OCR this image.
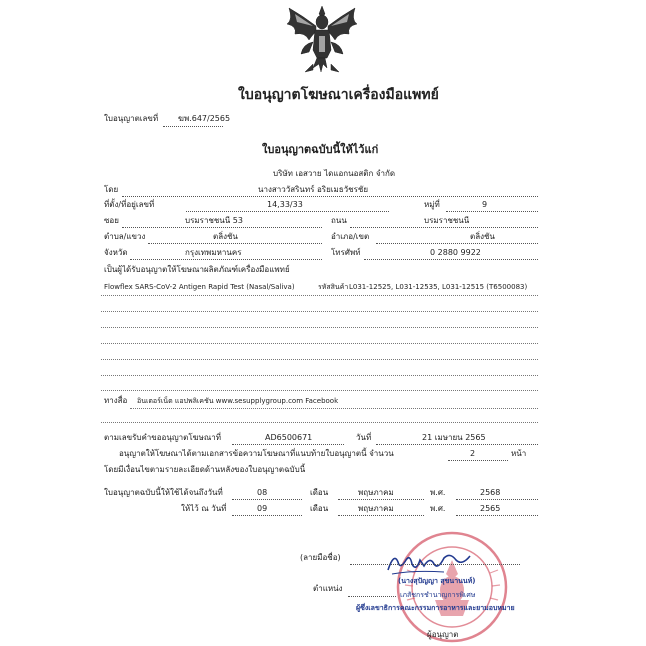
ใบอนุญาตโฆษณาเครื่องมือแพทย์
ใบอนุญาตเลขที่ ฆพ.647/2565
ใบอนุญาตฉบับนี้ให้ไว้แก่
บริษัท เอสวาย ไดแอกนอสติก จำกัด
โดย	นางสาววัสรินทร์ อริยเมธวัชรชัย
ที่ตั้ง/ที่อยู่เลขที่	14,33/33	หมู่ที่	9
ซอย	บรมราชชนนี 53	ถนน	บรมราชชนนี
ตำบล/แขวง	ตลิ่งชัน	อำเภอ/เขต	ตลิ่งชัน
จังหวัด	กรุงเทพมหานคร	โทรศัพท์	0 2880 9922
เป็นผู้ได้รับอนุญาตให้โฆษณาผลิตภัณฑ์เครื่องมือแพทย์
Flowflex SARS-CoV-2 Antigen Rapid Test (Nasal/Saliva)	รหัสสินค้า L031-12525, L031-12535, L031-12515 (T6500083)
ทางสื่อ อินเตอร์เน็ต แอปพลิเคชัน www.sesupplygroup.com Facebook
ตามเลขรับคำขออนุญาตโฆษณาที่	AD6500671	วันที่	21 เมษายน 2565
อนุญาตให้โฆษณาได้ตามเอกสารข้อความโฆษณาที่แนบท้ายใบอนุญาตนี้ จำนวน	2	หน้า
โดยมีเงื่อนไขตามรายละเอียดด้านหลังของใบอนุญาตฉบับนี้
ใบอนุญาตฉบับนี้ให้ใช้ได้จนถึงวันที่	08	เดือน	พฤษภาคม	พ.ศ.	2568
ให้ไว้ ณ วันที่	09	เดือน	พฤษภาคม	พ.ศ.	2565
(ลายมือชื่อ)
(นางสุปัญญา สุขนานนท์)
ตำแหน่ง
เภสัชกรชำนาญการพิเศษ
ผู้ซึ่งเลขาธิการคณะกรรมการอาหารและยามอบหมาย
ผู้อนุญาต
